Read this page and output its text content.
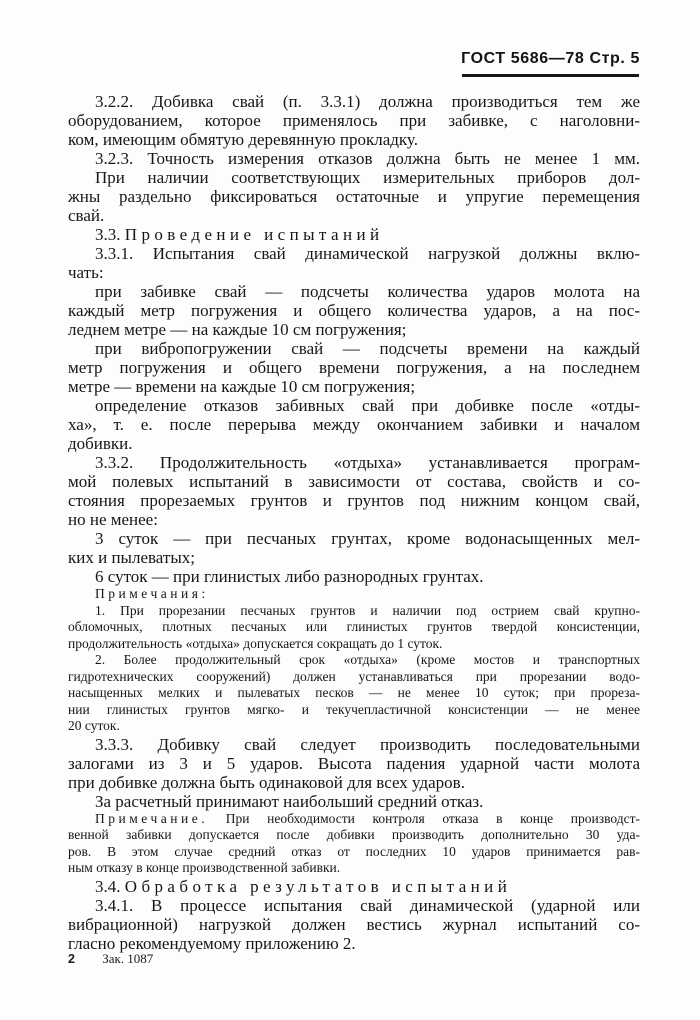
ГОСТ 5686—78 Стр. 5
3.2.2. Добивка свай (п. 3.3.1) должна производиться тем же
оборудованием, которое применялось при забивке, с наголовни-
ком, имеющим обмятую деревянную прокладку.
3.2.3. Точность измерения отказов должна быть не менее 1 мм.
При наличии соответствующих измерительных приборов дол-
жны раздельно фиксироваться остаточные и упругие перемещения
свай.
3.3. Проведение испытаний
3.3.1. Испытания свай динамической нагрузкой должны вклю-
чать:
при забивке свай — подсчеты количества ударов молота на
каждый метр погружения и общего количества ударов, а на пос-
леднем метре — на каждые 10 см погружения;
при вибропогружении свай — подсчеты времени на каждый
метр погружения и общего времени погружения, а на последнем
метре — времени на каждые 10 см погружения;
определение отказов забивных свай при добивке после «отды-
ха», т. е. после перерыва между окончанием забивки и началом
добивки.
3.3.2. Продолжительность «отдыха» устанавливается програм-
мой полевых испытаний в зависимости от состава, свойств и со-
стояния прорезаемых грунтов и грунтов под нижним концом свай,
но не менее:
3 суток — при песчаных грунтах, кроме водонасыщенных мел-
ких и пылеватых;
6 суток — при глинистых либо разнородных грунтах.
Примечания:
1. При прорезании песчаных грунтов и наличии под острием свай крупно-
обломочных, плотных песчаных или глинистых грунтов твердой консистенции,
продолжительность «отдыха» допускается сокращать до 1 суток.
2. Более продолжительный срок «отдыха» (кроме мостов и транспортных
гидротехнических сооружений) должен устанавливаться при прорезании водо-
насыщенных мелких и пылеватых песков — не менее 10 суток; при прореза-
нии глинистых грунтов мягко- и текучепластичной консистенции — не менее
20 суток.
3.3.3. Добивку свай следует производить последовательными
залогами из 3 и 5 ударов. Высота падения ударной части молота
при добивке должна быть одинаковой для всех ударов.
За расчетный принимают наибольший средний отказ.
Примечание. При необходимости контроля отказа в конце производст-
венной забивки допускается после добивки производить дополнительно 30 уда-
ров. В этом случае средний отказ от последних 10 ударов принимается рав-
ным отказу в конце производственной забивки.
3.4. Обработка результатов испытаний
3.4.1. В процессе испытания свай динамической (ударной или
вибрационной) нагрузкой должен вестись журнал испытаний со-
гласно рекомендуемому приложению 2.
2 Зак. 1087
